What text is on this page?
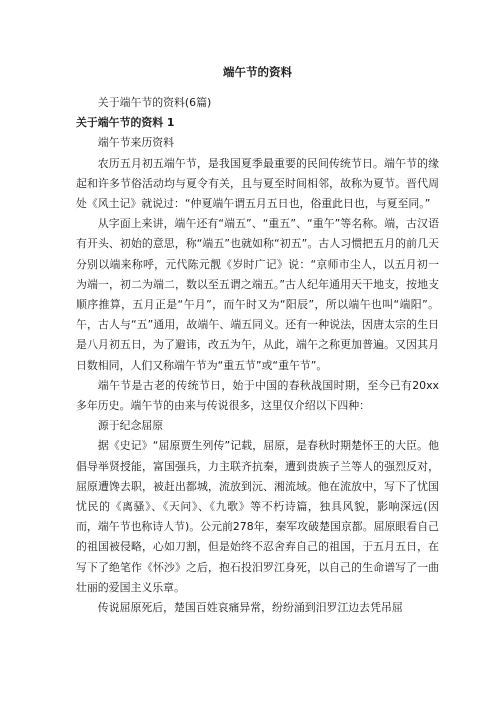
端午节的资料

关于端午节的资料(6篇)

关于端午节的资料 1

端午节来历资料

农历五月初五端午节，是我国夏季最重要的民间传统节日。端午节的缘起和许多节俗活动均与夏令有关，且与夏至时间相邻，故称为夏节。晋代周处《风土记》就说过：“仲夏端午谓五月五日也，俗重此日也，与夏至同。”

从字面上来讲，端午还有“端五”、“重五”、“重午”等名称。端，古汉语有开头、初始的意思，称“端五”也就如称“初五”。古人习惯把五月的前几天分别以端来称呼，元代陈元靓《岁时广记》说：“京师市尘人，以五月初一为端一，初二为端二，数以至五谓之端五。”古人纪年通用天干地支，按地支顺序推算，五月正是“午月”，而午时又为“阳辰”，所以端午也叫“端阳”。午，古人与“五”通用，故端午、端五同义。还有一种说法，因唐太宗的生日是八月初五日，为了避讳，改五为午，从此，端午之称更加普遍。又因其月日数相同，人们又称端午节为“重五节”或“重午节”。

端午节是古老的传统节日，始于中国的春秋战国时期，至今已有20xx多年历史。端午节的由来与传说很多，这里仅介绍以下四种：

源于纪念屈原

据《史记》“屈原贾生列传”记载，屈原，是春秋时期楚怀王的大臣。他倡导举贤授能，富国强兵，力主联齐抗秦，遭到贵族子兰等人的强烈反对，屈原遭馋去职，被赶出都城，流放到沅、湘流域。他在流放中，写下了忧国忧民的《离骚》、《天问》、《九歌》等不朽诗篇，独具风貌，影响深远(因而，端午节也称诗人节)。公元前278年，秦军攻破楚国京都。屈原眼看自己的祖国被侵略，心如刀割，但是始终不忍舍弃自己的祖国，于五月五日，在写下了绝笔作《怀沙》之后，抱石投汨罗江身死，以自己的生命谱写了一曲壮丽的爱国主义乐章。

传说屈原死后，楚国百姓哀痛异常，纷纷涌到汨罗江边去凭吊屈
